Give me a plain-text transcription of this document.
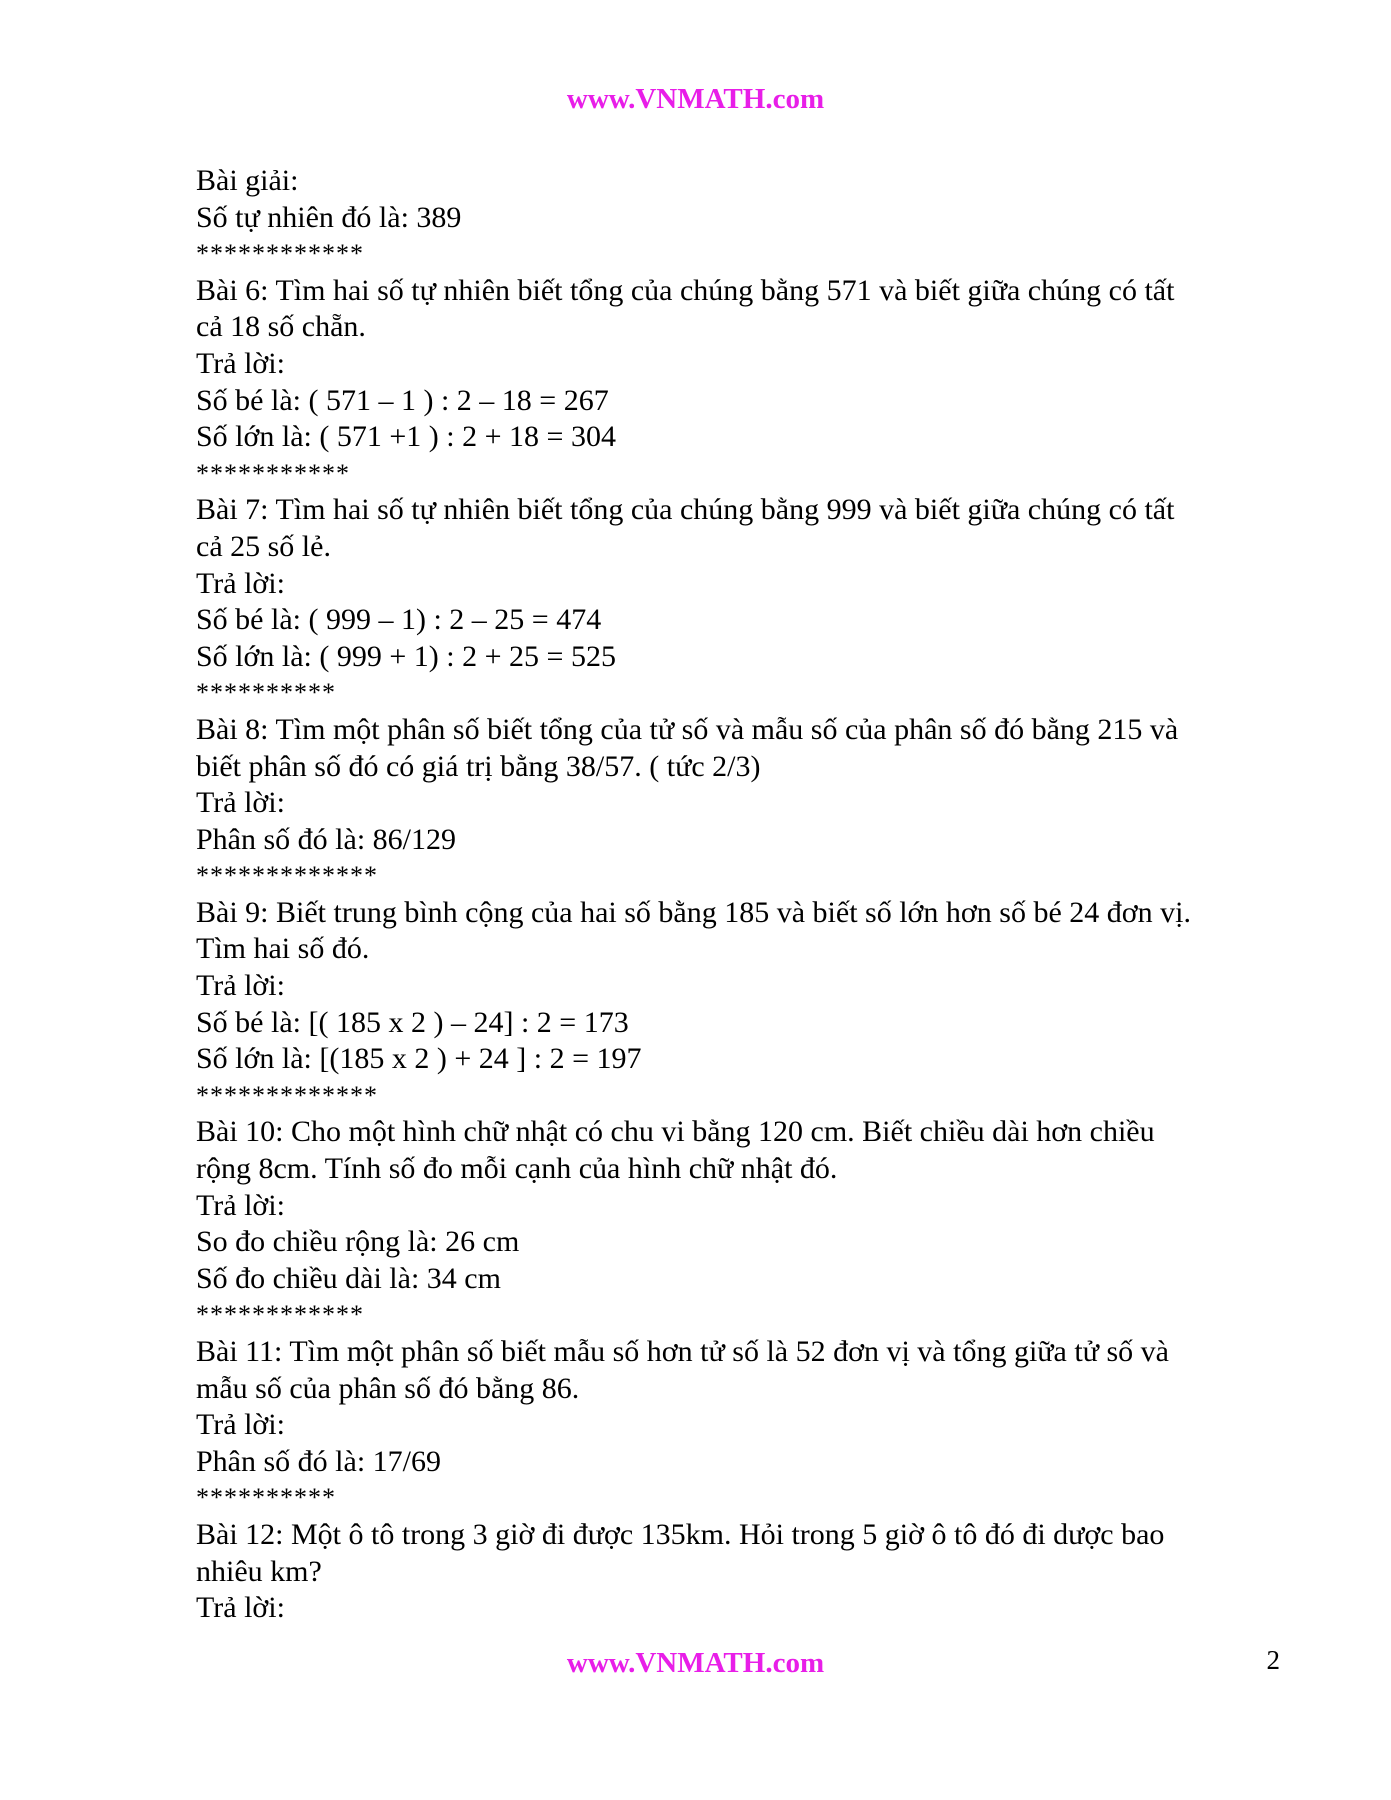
www.VNMATH.com
Bài giải:
Số tự nhiên đó là: 389
************
Bài 6: Tìm hai số tự nhiên biết tổng của chúng bằng 571 và biết giữa chúng có tất
cả 18 số chẵn.
Trả lời:
Số bé là: ( 571 – 1 ) : 2 – 18 = 267
Số lớn là: ( 571 +1 ) : 2 + 18 = 304
***********
Bài 7: Tìm hai số tự nhiên biết tổng của chúng bằng 999 và biết giữa chúng có tất
cả 25 số lẻ.
Trả lời:
Số bé là: ( 999 – 1) : 2 – 25 = 474
Số lớn là: ( 999 + 1) : 2 + 25 = 525
**********
Bài 8: Tìm một phân số biết tổng của tử số và mẫu số của phân số đó bằng 215 và
biết phân số đó có giá trị bằng 38/57. ( tức 2/3)
Trả lời:
Phân số đó là: 86/129
*************
Bài 9: Biết trung bình cộng của hai số bằng 185 và biết số lớn hơn số bé 24 đơn vị.
Tìm hai số đó.
Trả lời:
Số bé là: [( 185 x 2 ) – 24] : 2 = 173
Số lớn là: [(185 x 2 ) + 24 ] : 2 = 197
*************
Bài 10: Cho một hình chữ nhật có chu vi bằng 120 cm. Biết chiều dài hơn chiều
rộng 8cm. Tính số đo mỗi cạnh của hình chữ nhật đó.
Trả lời:
So đo chiều rộng là: 26 cm
Số đo chiều dài là: 34 cm
************
Bài 11: Tìm một phân số biết mẫu số hơn tử số là 52 đơn vị và tổng giữa tử số và
mẫu số của phân số đó bằng 86.
Trả lời:
Phân số đó là: 17/69
**********
Bài 12: Một ô tô trong 3 giờ đi được 135km. Hỏi trong 5 giờ ô tô đó đi dược bao
nhiêu km?
Trả lời:
www.VNMATH.com	2
